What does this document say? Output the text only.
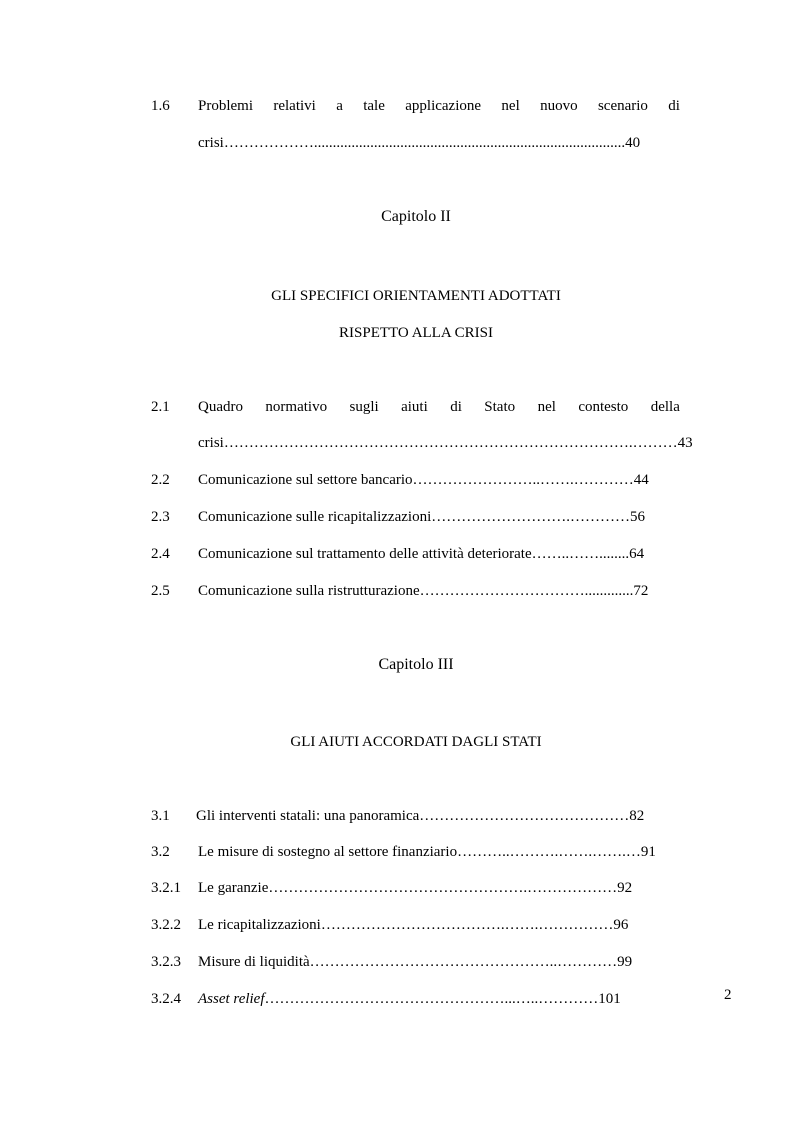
1.6 Problemi relativi a tale applicazione nel nuovo scenario di
crisi………………...................................................................................40
Capitolo II
GLI SPECIFICI ORIENTAMENTI ADOTTATI
RISPETTO ALLA CRISI
2.1 Quadro normativo sugli aiuti di Stato nel contesto della
crisi……………………………………………………………………….………43
2.2 Comunicazione sul settore bancario……………………..…….…………44
2.3 Comunicazione sulle ricapitalizzazioni……………………….…………56
2.4 Comunicazione sul trattamento delle attività deteriorate……..……........64
2.5 Comunicazione sulla ristrutturazione…………………………….............72
Capitolo III
GLI AIUTI ACCORDATI DAGLI STATI
3.1 Gli interventi statali: una panoramica……………………………………82
3.2 Le misure di sostegno al settore finanziario………..……….…….…….…91
3.2.1 Le garanzie…………………………………………….………………92
3.2.2 Le ricapitalizzazioni……………………………….…….……………96
3.2.3 Misure di liquidità…………………………………………..…………99
3.2.4 Asset relief…………………………………………...…..…………101	2
